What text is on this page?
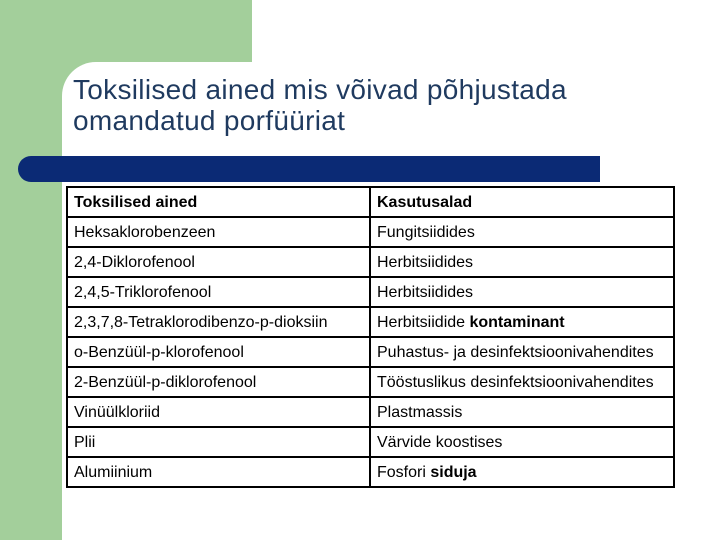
Toksilised ained mis võivad põhjustada
omandatud porfüüriat
Toksilised ained	Kasutusalad
Heksaklorobenzeen	Fungitsiidides
2,4-Diklorofenool	Herbitsiidides
2,4,5-Triklorofenool	Herbitsiidides
2,3,7,8-Tetraklorodibenzo-p-dioksiin	Herbitsiidide kontaminant
o-Benzüül-p-klorofenool	Puhastus- ja desinfektsioonivahendites
2-Benzüül-p-diklorofenool	Tööstuslikus desinfektsioonivahendites
Vinüülkloriid	Plastmassis
Plii	Värvide koostises
Alumiinium	Fosfori siduja
